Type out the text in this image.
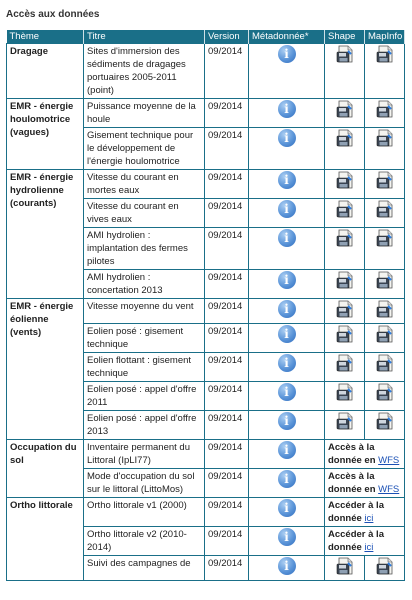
Accès aux données
Thème	Titre	Version	Métadonnée*	Shape	MapInfo
Dragage	Sites d'immersion des sédiments de dragages portuaires 2005-2011 (point)	09/2014	i		
EMR - énergie houlomotrice (vagues)	Puissance moyenne de la houle	09/2014	i		
	Gisement technique pour le développement de l'énergie houlomotrice	09/2014	i		
EMR - énergie hydrolienne (courants)	Vitesse du courant en mortes eaux	09/2014	i		
	Vitesse du courant en vives eaux	09/2014	i		
	AMI hydrolien : implantation des fermes pilotes	09/2014	i		
	AMI hydrolien : concertation 2013	09/2014	i		
EMR - énergie éolienne (vents)	Vitesse moyenne du vent	09/2014	i		
	Eolien posé : gisement technique	09/2014	i		
	Eolien flottant : gisement technique	09/2014	i		
	Eolien posé : appel d'offre 2011	09/2014	i		
	Eolien posé : appel d'offre 2013	09/2014	i		
Occupation du sol	Inventaire permanent du Littoral (IpLI77)	09/2014	i	Accès à la donnée en WFS	
	Mode d'occupation du sol sur le littoral (LittoMos)	09/2014	i	Accès à la donnée en WFS	
Ortho littorale	Ortho littorale v1 (2000)	09/2014	i	Accéder à la donnée ici	
	Ortho littorale v2 (2010-2014)	09/2014	i	Accéder à la donnée ici	
	Suivi des campagnes de	09/2014	i		
